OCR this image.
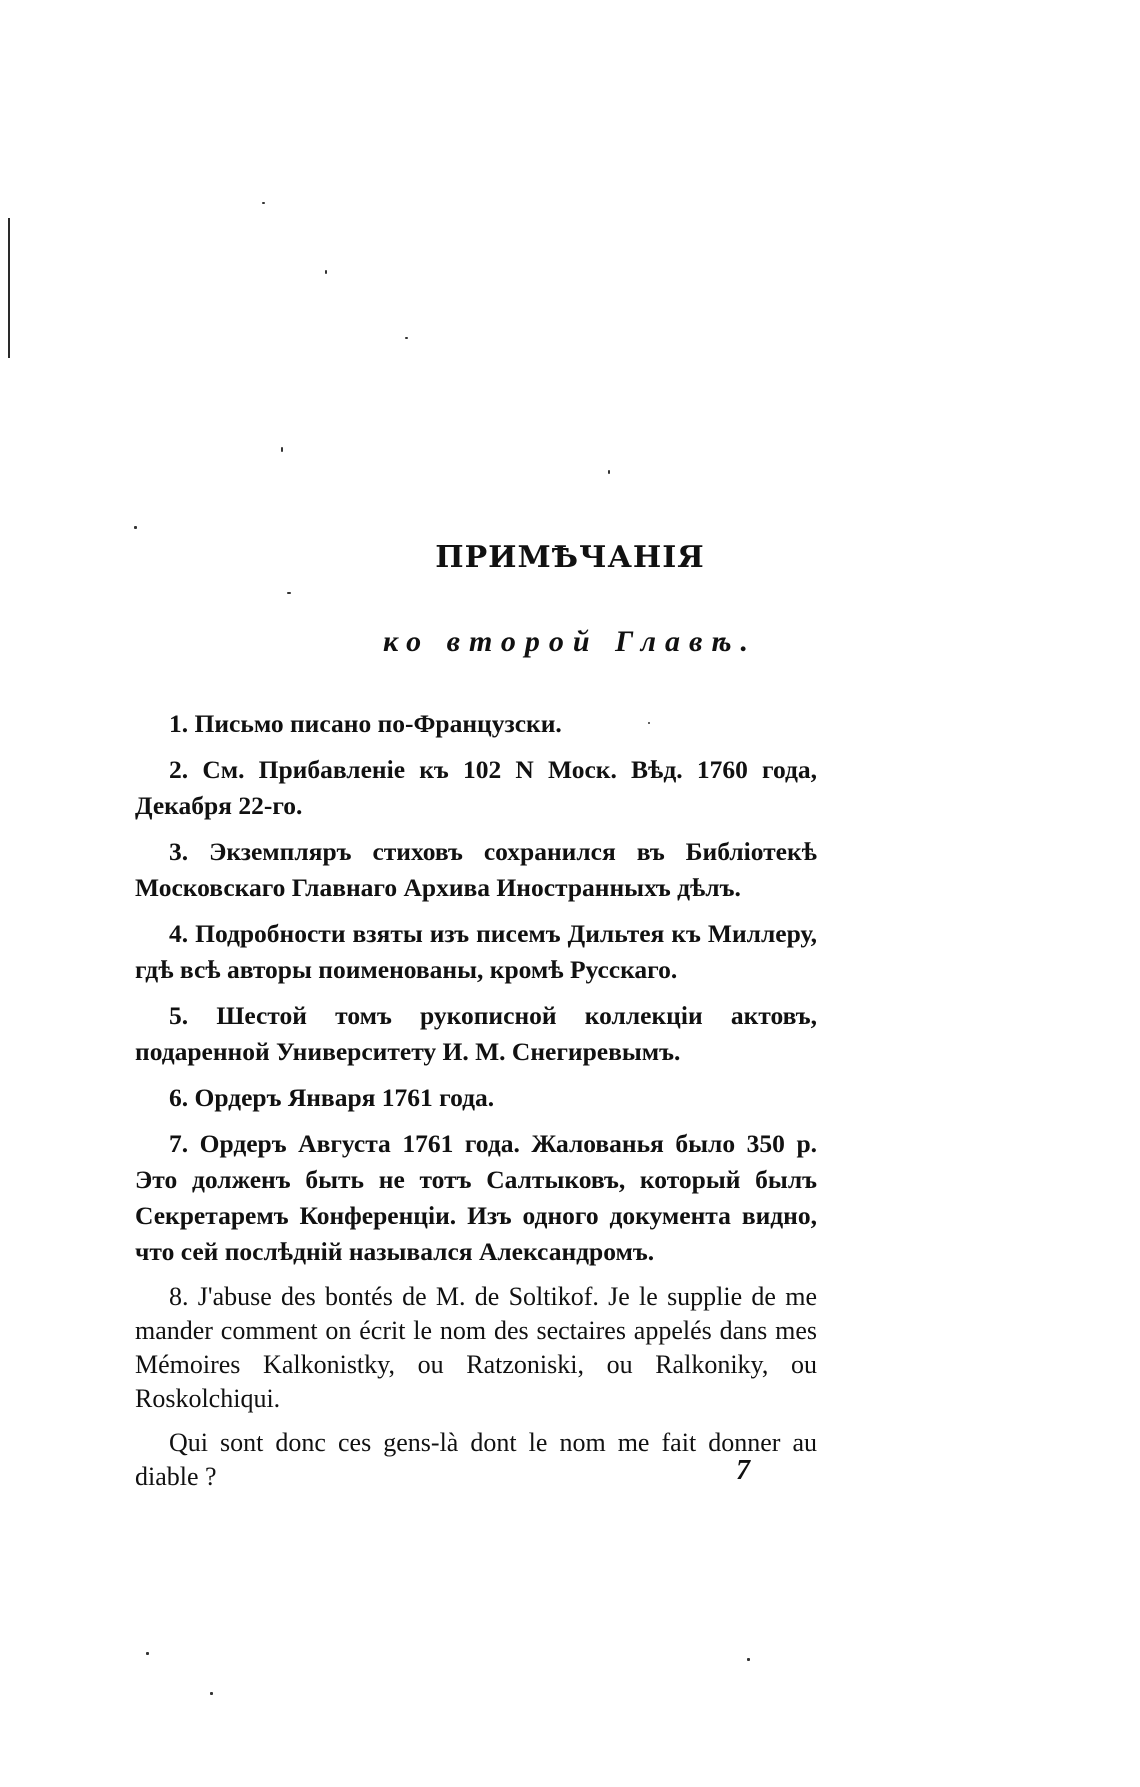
ПРИМѢЧАНІЯ
ко второй Главѣ.

1. Письмо писано по-Французски.

2. См. Прибавленіе къ 102 N Моск. Вѣд. 1760 года, Декабря 22-го.

3. Экземпляръ стиховъ сохранился въ Библіотекѣ Московскаго Главнаго Архива Иностранныхъ дѣлъ.

4. Подробности взяты изъ писемъ Дильтея къ Миллеру, гдѣ всѣ авторы поименованы, кромѣ Русскаго.

5. Шестой томъ рукописной коллекціи актовъ, подаренной Университету И. М. Снегиревымъ.

6. Ордеръ Января 1761 года.

7. Ордеръ Августа 1761 года. Жалованья было 350 р. Это долженъ быть не тотъ Салтыковъ, который былъ Секретаремъ Конференціи. Изъ одного документа видно, что сей послѣдній назывался Александромъ.

8. J'abuse des bontés de M. de Soltikof. Je le supplie de me mander comment on écrit le nom des sectaires appelés dans mes Mémoires Kalkonistky, ou Ratzoniski, ou Ralkoniky, ou Roskolchiqui.

Qui sont donc ces gens-là dont le nom me fait donner au diable ?	7
